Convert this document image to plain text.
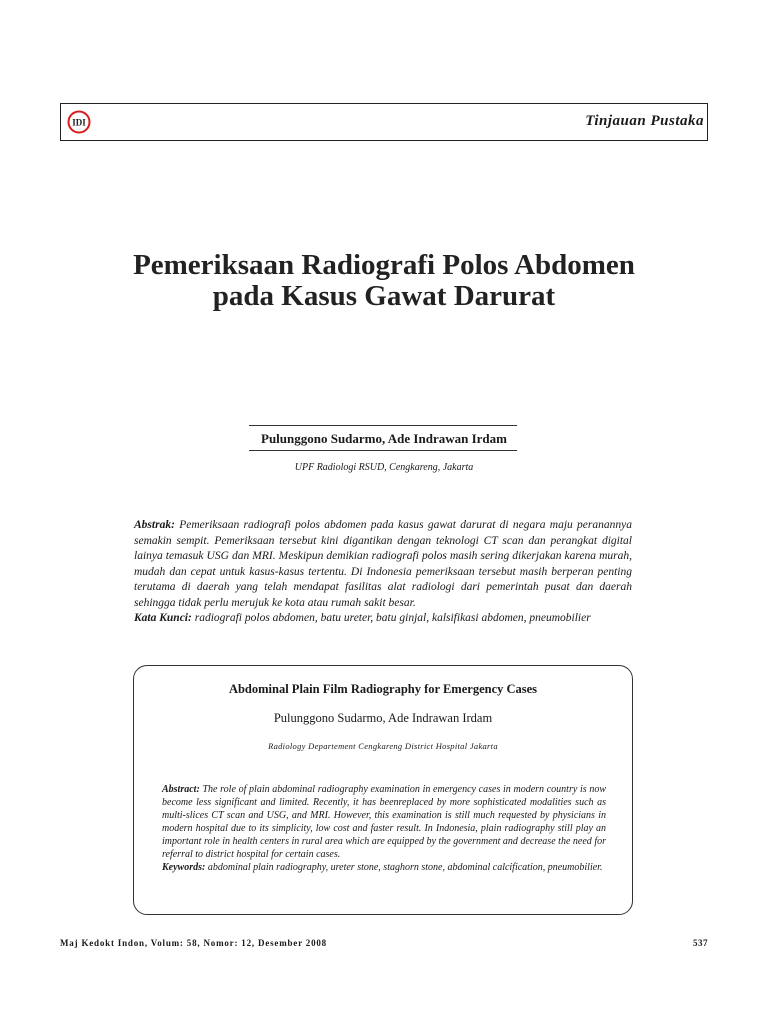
IDI	Tinjauan Pustaka
Pemeriksaan Radiografi Polos Abdomen
pada Kasus Gawat Darurat
Pulunggono Sudarmo, Ade Indrawan Irdam
UPF Radiologi RSUD, Cengkareng, Jakarta
Abstrak: Pemeriksaan radiografi polos abdomen pada kasus gawat darurat di negara maju peranannya semakin sempit. Pemeriksaan tersebut kini digantikan dengan teknologi CT scan dan perangkat digital lainya temasuk USG dan MRI. Meskipun demikian radiografi polos masih sering dikerjakan karena murah, mudah dan cepat untuk kasus-kasus tertentu. Di Indonesia pemeriksaan tersebut masih berperan penting terutama di daerah yang telah mendapat fasilitas alat radiologi dari pemerintah pusat dan daerah sehingga tidak perlu merujuk ke kota atau rumah sakit besar.
Kata Kunci: radiografi polos abdomen, batu ureter, batu ginjal, kalsifikasi abdomen, pneumobilier
Abdominal Plain Film Radiography for Emergency Cases
Pulunggono Sudarmo, Ade Indrawan Irdam
Radiology Departement Cengkareng District Hospital Jakarta
Abstract: The role of plain abdominal radiography examination in emergency cases in modern country is now become less significant and limited. Recently, it has beenreplaced by more sophisticated modalities such as multi-slices CT scan and USG, and MRI. However, this examination is still much requested by physicians in modern hospital due to its simplicity, low cost and faster result. In Indonesia, plain radiography still play an important role in health centers in rural area which are equipped by the government and decrease the need for referral to district hospital for certain cases.
Keywords: abdominal plain radiography, ureter stone, staghorn stone, abdominal calcification, pneumobilier.
Maj Kedokt Indon, Volum: 58, Nomor: 12, Desember 2008	537
